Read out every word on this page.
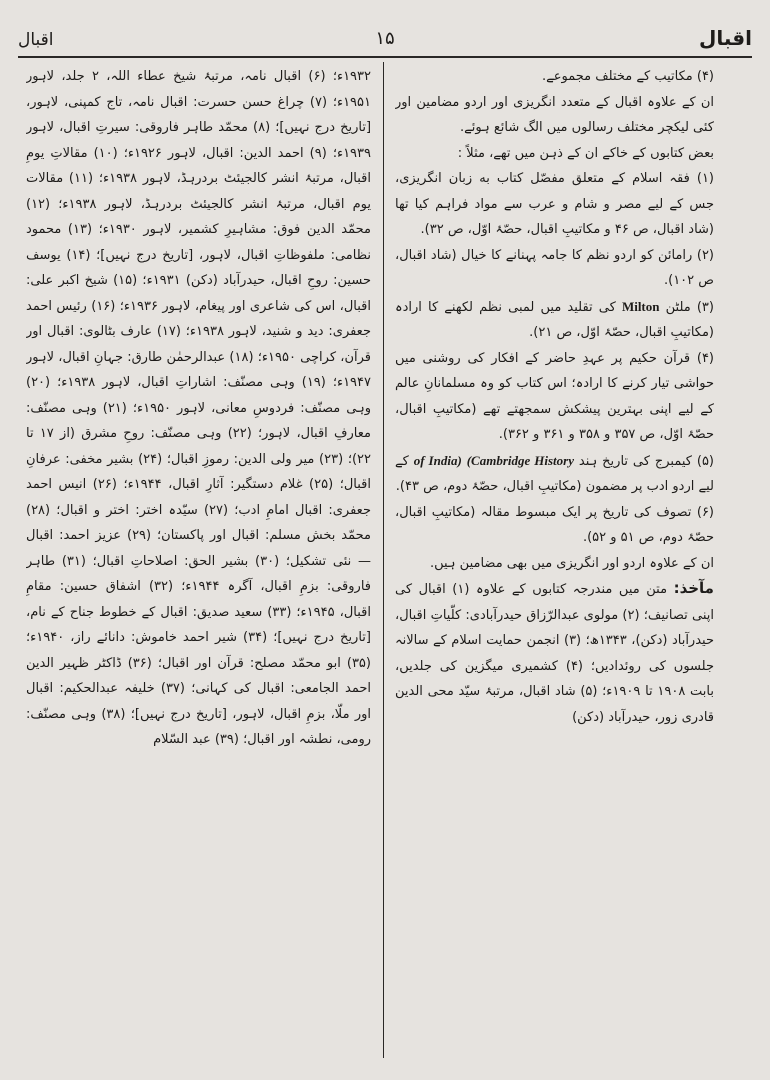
اقبال
۱۵
اقبال

(۴) مکاتیب کے مختلف مجموعے.

ان کے علاوہ اقبال کے متعدد انگریزی اور اردو مضامین اور کئی لیکچر مختلف رسالوں میں الگ شائع ہوئے.

بعض کتابوں کے خاکے ان کے ذہن میں تھے، مثلاً :

(۱) فقہ اسلام کے متعلق مفصّل کتاب به زبان انگریزی، جس کے لیے مصر و شام و عرب سے مواد فراہم کیا تھا (شاد اقبال، ص ۴۶ و مکاتیبِ اقبال، حصّۂ اوّل، ص ۳۲).

(۲) رامائن کو اردو نظم کا جامہ پہنانے کا خیال (شاد اقبال، ص ۱۰۲).

(۳) ملٹن Milton کی تقلید میں لمبی نظم لکھنے کا ارادہ (مکاتیبِ اقبال، حصّۂ اوّل، ص ۲۱).

(۴) قرآن حکیم پر عہدِ حاضر کے افکار کی روشنی میں حواشی تیار کرنے کا ارادہ؛ اس کتاب کو وہ مسلمانانِ عالم کے لیے اپنی بہترین پیشکش سمجھتے تھے (مکاتیبِ اقبال، حصّۂ اوّل، ص ۳۵۷ و ۳۵۸ و ۳۶۱ و ۳۶۲).

(۵) کیمبرج کی تاریخ ہند (Cambridge History of India) کے لیے اردو ادب پر مضمون (مکاتیبِ اقبال، حصّۂ دوم، ص ۴۳).

(۶) تصوف کی تاریخ پر ایک مبسوط مقالہ (مکاتیبِ اقبال، حصّۂ دوم، ص ۵۱ و ۵۲).

ان کے علاوہ اردو اور انگریزی میں بھی مضامین ہیں.

مآخذ: متن میں مندرجہ کتابوں کے علاوہ (۱) اقبال کی اپنی تصانیف؛ (۲) مولوی عبدالرّزاق حیدرآبادی: کلّیاتِ اقبال، حیدرآباد (دکن)، ۱۳۴۳ھ؛ (۳) انجمن حمایت اسلام کے سالانہ جلسوں کی روئدادیں؛ (۴) کشمیری میگزین کی جلدیں، بابت ۱۹۰۸ تا ۱۹۰۹ء؛ (۵) شاد اقبال، مرتبۂ سیّد محی الدین قادری زور، حیدرآباد (دکن)

۱۹۳۲ء؛ (۶) اقبال نامہ، مرتبۂ شیخ عطاء اللہ، ۲ جلد، لاہور ۱۹۵۱ء؛ (۷) چراغ حسن حسرت: اقبال نامہ، تاج کمپنی، لاہور، [تاریخ درج نہیں]؛ (۸) محمّد طاہر فاروقی: سیرتِ اقبال، لاہور ۱۹۳۹ء؛ (۹) احمد الدین: اقبال، لاہور ۱۹۲۶ء؛ (۱۰) مقالاتِ یومِ اقبال، مرتبۂ انشر کالجیئٹ بردرہڈ، لاہور ۱۹۳۸ء؛ (۱۱) مقالات یوم اقبال، مرتبۂ انشر کالجیئٹ بردرہڈ، لاہور ۱۹۳۸ء؛ (۱۲) محمّد الدین فوق: مشاہیرِ کشمیر، لاہور ۱۹۳۰ء؛ (۱۳) محمود نظامی: ملفوظاتِ اقبال، لاہور، [تاریخ درج نہیں]؛ (۱۴) یوسف حسین: روحِ اقبال، حیدرآباد (دکن) ۱۹۳۱ء؛ (۱۵) شیخ اکبر علی: اقبال، اس کی شاعری اور پیغام، لاہور ۱۹۳۶ء؛ (۱۶) رئیس احمد جعفری: دید و شنید، لاہور ۱۹۳۸ء؛ (۱۷) عارف بٹالوی: اقبال اور قرآن، کراچی ۱۹۵۰ء؛ (۱۸) عبدالرحمٰن طارق: جہانِ اقبال، لاہور ۱۹۴۷ء؛ (۱۹) وہی مصنّف: اشاراتِ اقبال، لاہور ۱۹۳۸ء؛ (۲۰) وہی مصنّف: فردوسِ معانی، لاہور ۱۹۵۰ء؛ (۲۱) وہی مصنّف: معارفِ اقبال، لاہور؛ (۲۲) وہی مصنّف: روحِ مشرق (از ۱۷ تا ۲۲)؛ (۲۳) میر ولی الدین: رموزِ اقبال؛ (۲۴) بشیر مخفی: عرفانِ اقبال؛ (۲۵) غلام دستگیر: آثارِ اقبال، ۱۹۴۴ء؛ (۲۶) انیس احمد جعفری: اقبال امامِ ادب؛ (۲۷) سیّدہ اختر: اختر و اقبال؛ (۲۸) محمّد بخش مسلم: اقبال اور پاکستان؛ (۲۹) عزیز احمد: اقبال — نئی تشکیل؛ (۳۰) بشیر الحق: اصلاحاتِ اقبال؛ (۳۱) طاہر فاروقی: بزمِ اقبال، آگرہ ۱۹۴۴ء؛ (۳۲) اشفاق حسین: مقامِ اقبال، ۱۹۴۵ء؛ (۳۳) سعید صدیق: اقبال کے خطوط جناح کے نام، [تاریخ درج نہیں]؛ (۳۴) شیر احمد خاموش: دانائے راز، ۱۹۴۰ء؛ (۳۵) ابو محمّد مصلح: قرآن اور اقبال؛ (۳۶) ڈاکٹر ظہیر الدین احمد الجامعی: اقبال کی کہانی؛ (۳۷) خلیفہ عبدالحکیم: اقبال اور ملّا، بزمِ اقبال، لاہور، [تاریخ درج نہیں]؛ (۳۸) وہی مصنّف: رومی، نطشہ اور اقبال؛ (۳۹) عبد السّلام
